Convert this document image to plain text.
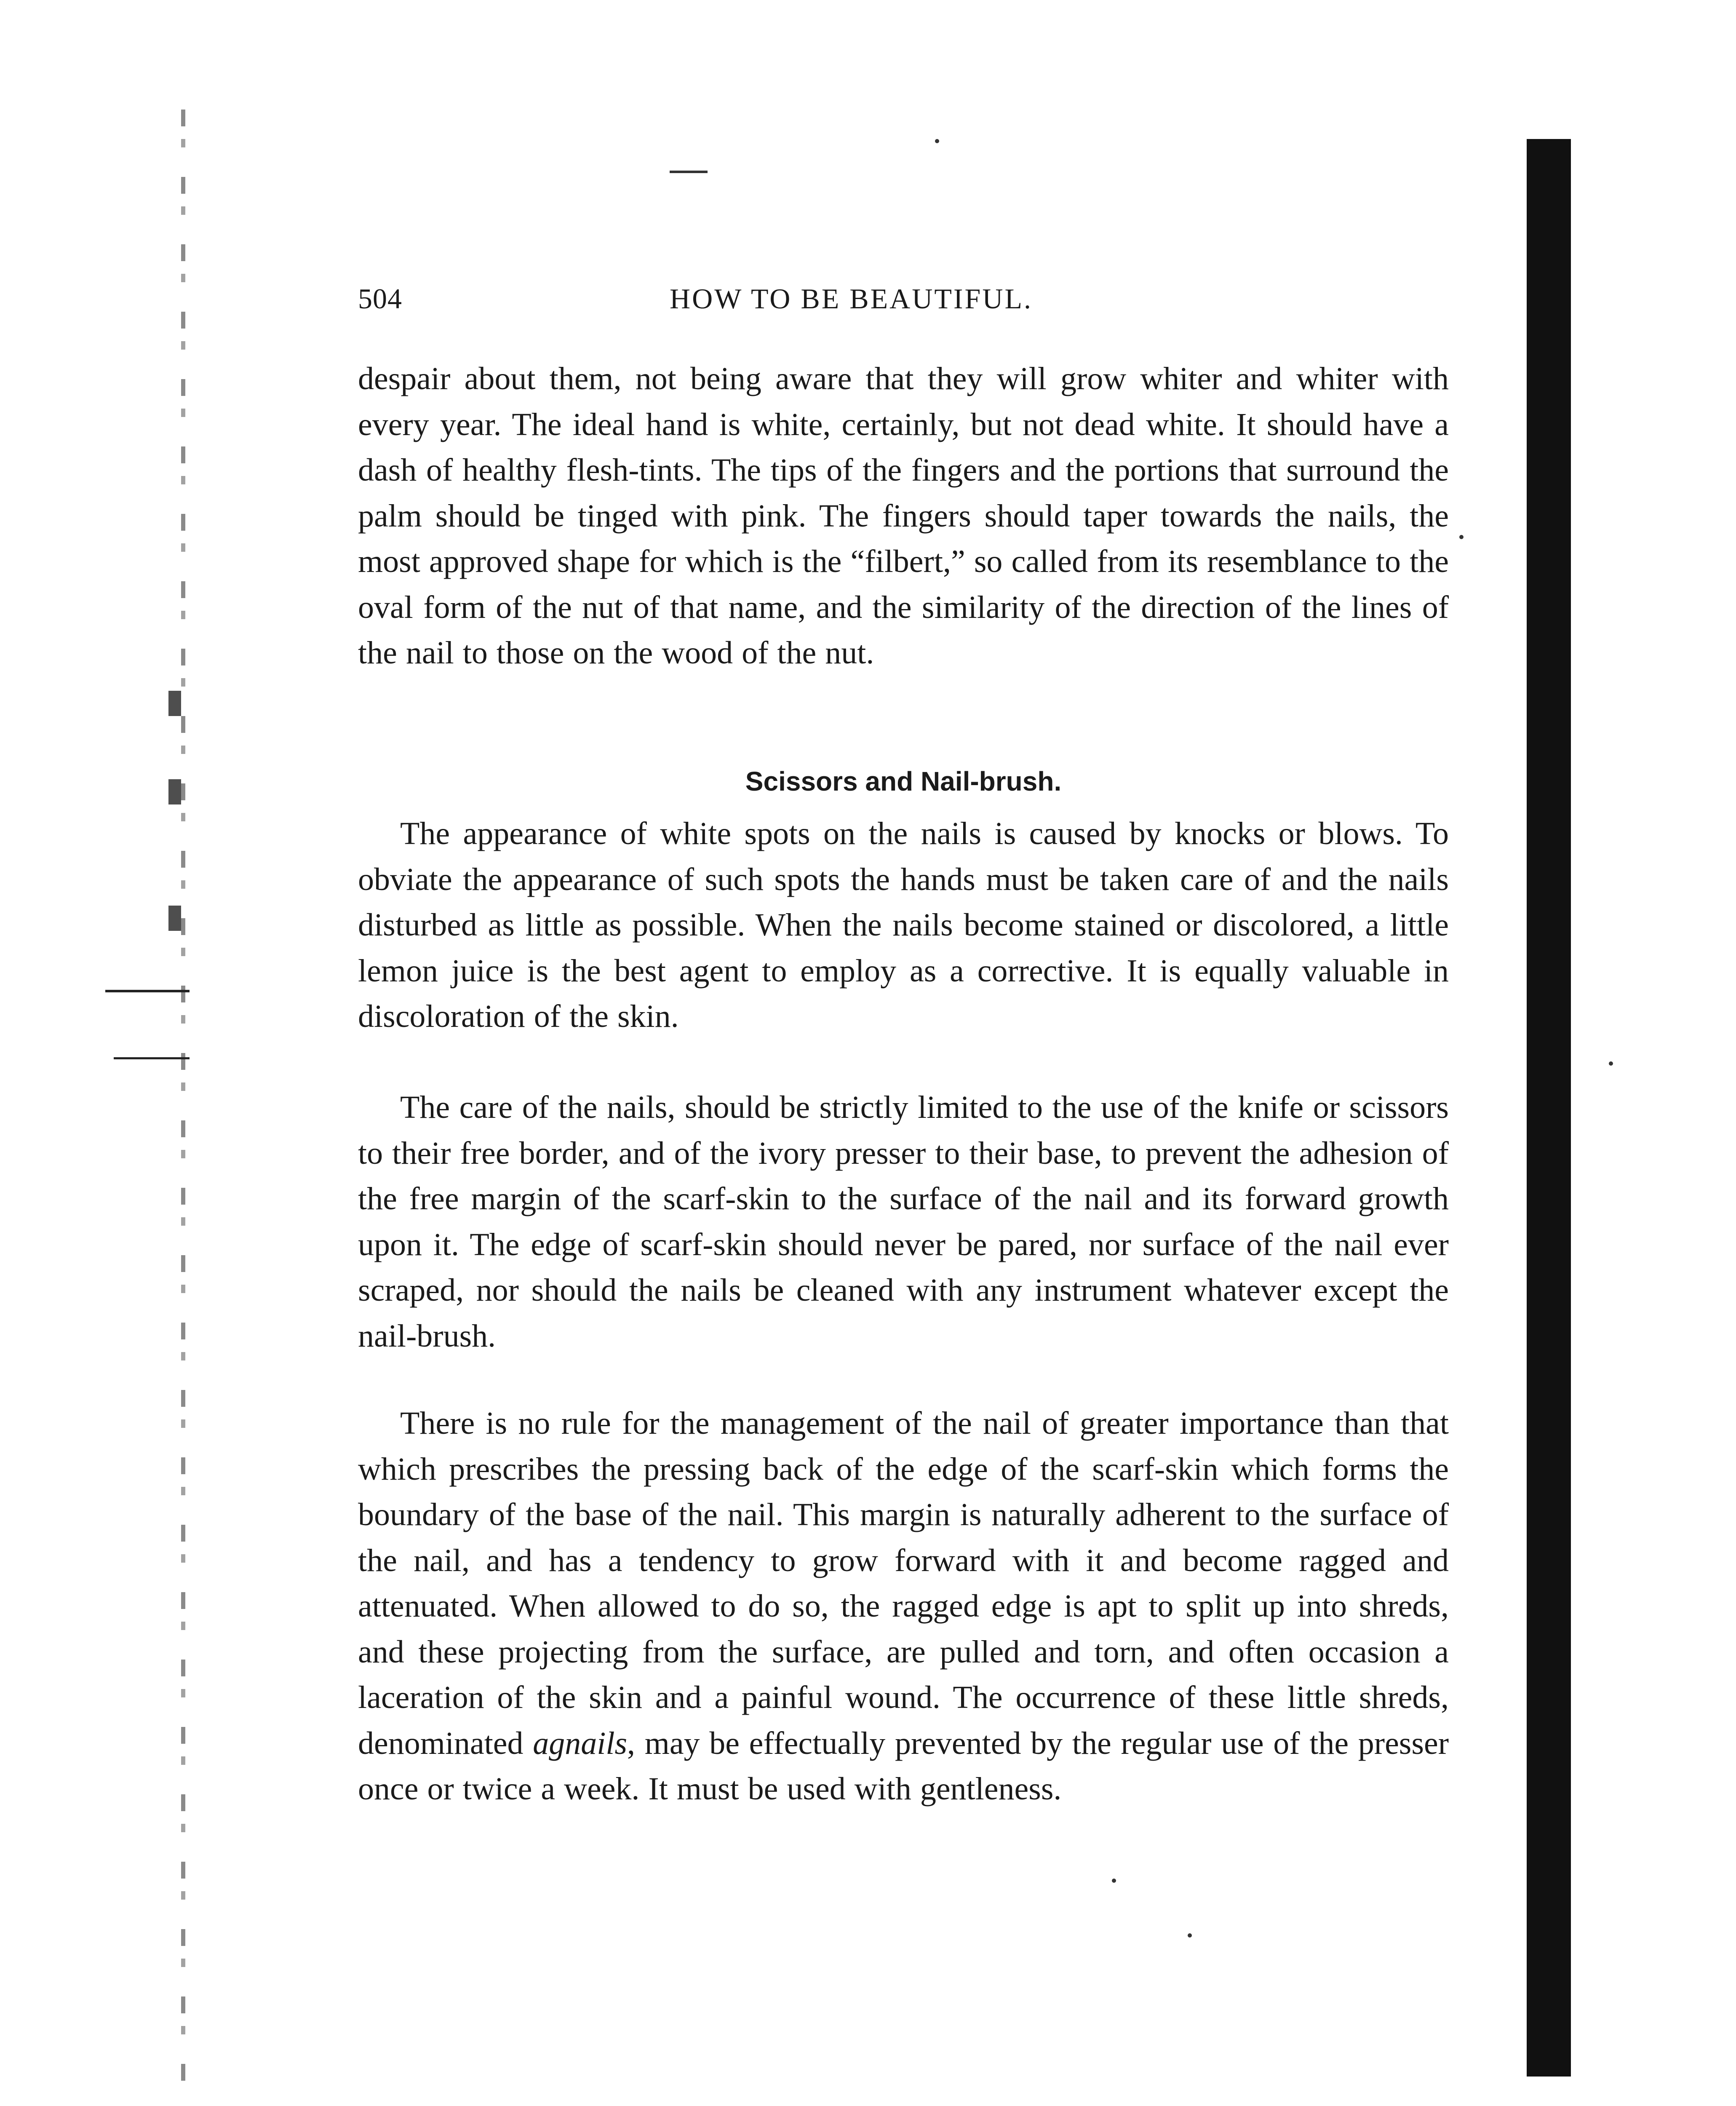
504	HOW TO BE BEAUTIFUL.

despair about them, not being aware that they will grow whiter and whiter with every year. The ideal hand is white, certainly, but not dead white. It should have a dash of healthy flesh-tints. The tips of the fingers and the portions that surround the palm should be tinged with pink. The fingers should taper towards the nails, the most approved shape for which is the “filbert,” so called from its resemblance to the oval form of the nut of that name, and the similarity of the direction of the lines of the nail to those on the wood of the nut.

Scissors and Nail-brush.

The appearance of white spots on the nails is caused by knocks or blows. To obviate the appearance of such spots the hands must be taken care of and the nails disturbed as little as possible. When the nails become stained or discolored, a little lemon juice is the best agent to employ as a corrective. It is equally valuable in discoloration of the skin.

The care of the nails, should be strictly limited to the use of the knife or scissors to their free border, and of the ivory presser to their base, to prevent the adhesion of the free margin of the scarf-skin to the surface of the nail and its forward growth upon it. The edge of scarf-skin should never be pared, nor surface of the nail ever scraped, nor should the nails be cleaned with any instrument whatever except the nail-brush.

There is no rule for the management of the nail of greater importance than that which prescribes the pressing back of the edge of the scarf-skin which forms the boundary of the base of the nail. This margin is naturally adherent to the surface of the nail, and has a tendency to grow forward with it and become ragged and attenuated. When allowed to do so, the ragged edge is apt to split up into shreds, and these projecting from the surface, are pulled and torn, and often occasion a laceration of the skin and a painful wound. The occurrence of these little shreds, denominated agnails, may be effectually prevented by the regular use of the presser once or twice a week. It must be used with gentleness.
